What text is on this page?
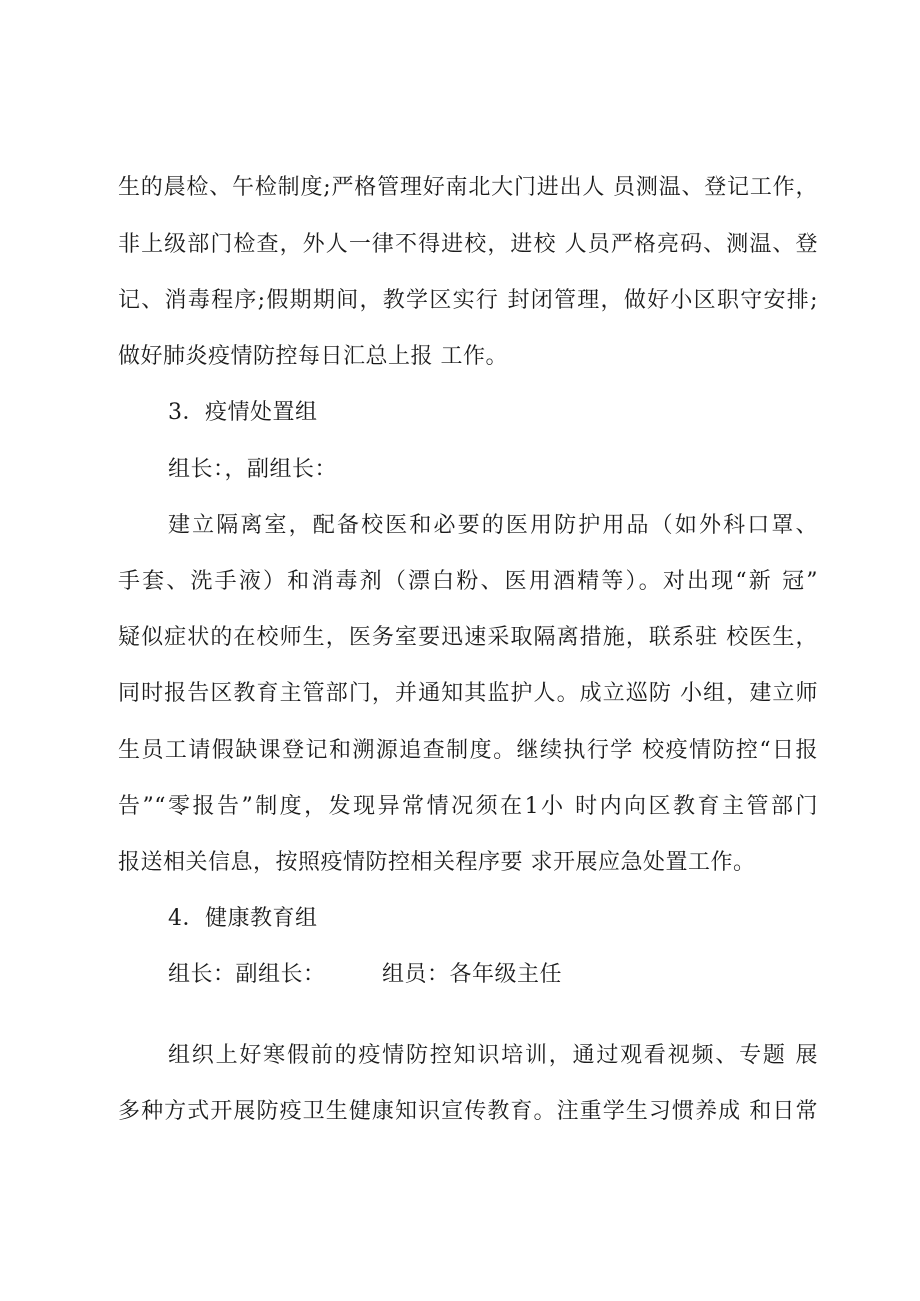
生的晨检、午检制度;严格管理好南北大门进出人 员测温、登记工作，
非上级部门检查，外人一律不得进校，进校 人员严格亮码、测温、登
记、消毒程序;假期期间，教学区实行 封闭管理，做好小区职守安排;
做好肺炎疫情防控每日汇总上报 工作。
3．疫情处置组
组长：，副组长：
建立隔离室，配备校医和必要的医用防护用品（如外科口罩、
手套、洗手液）和消毒剂（漂白粉、医用酒精等）。对出现“新 冠”
疑似症状的在校师生，医务室要迅速采取隔离措施，联系驻 校医生，
同时报告区教育主管部门，并通知其监护人。成立巡防 小组，建立师
生员工请假缺课登记和溯源追查制度。继续执行学 校疫情防控“日报
告”“零报告”制度，发现异常情况须在1小 时内向区教育主管部门
报送相关信息，按照疫情防控相关程序要 求开展应急处置工作。
4．健康教育组
组长：副组长：　　　组员：各年级主任
组织上好寒假前的疫情防控知识培训，通过观看视频、专题 展
多种方式开展防疫卫生健康知识宣传教育。注重学生习惯养成 和日常
